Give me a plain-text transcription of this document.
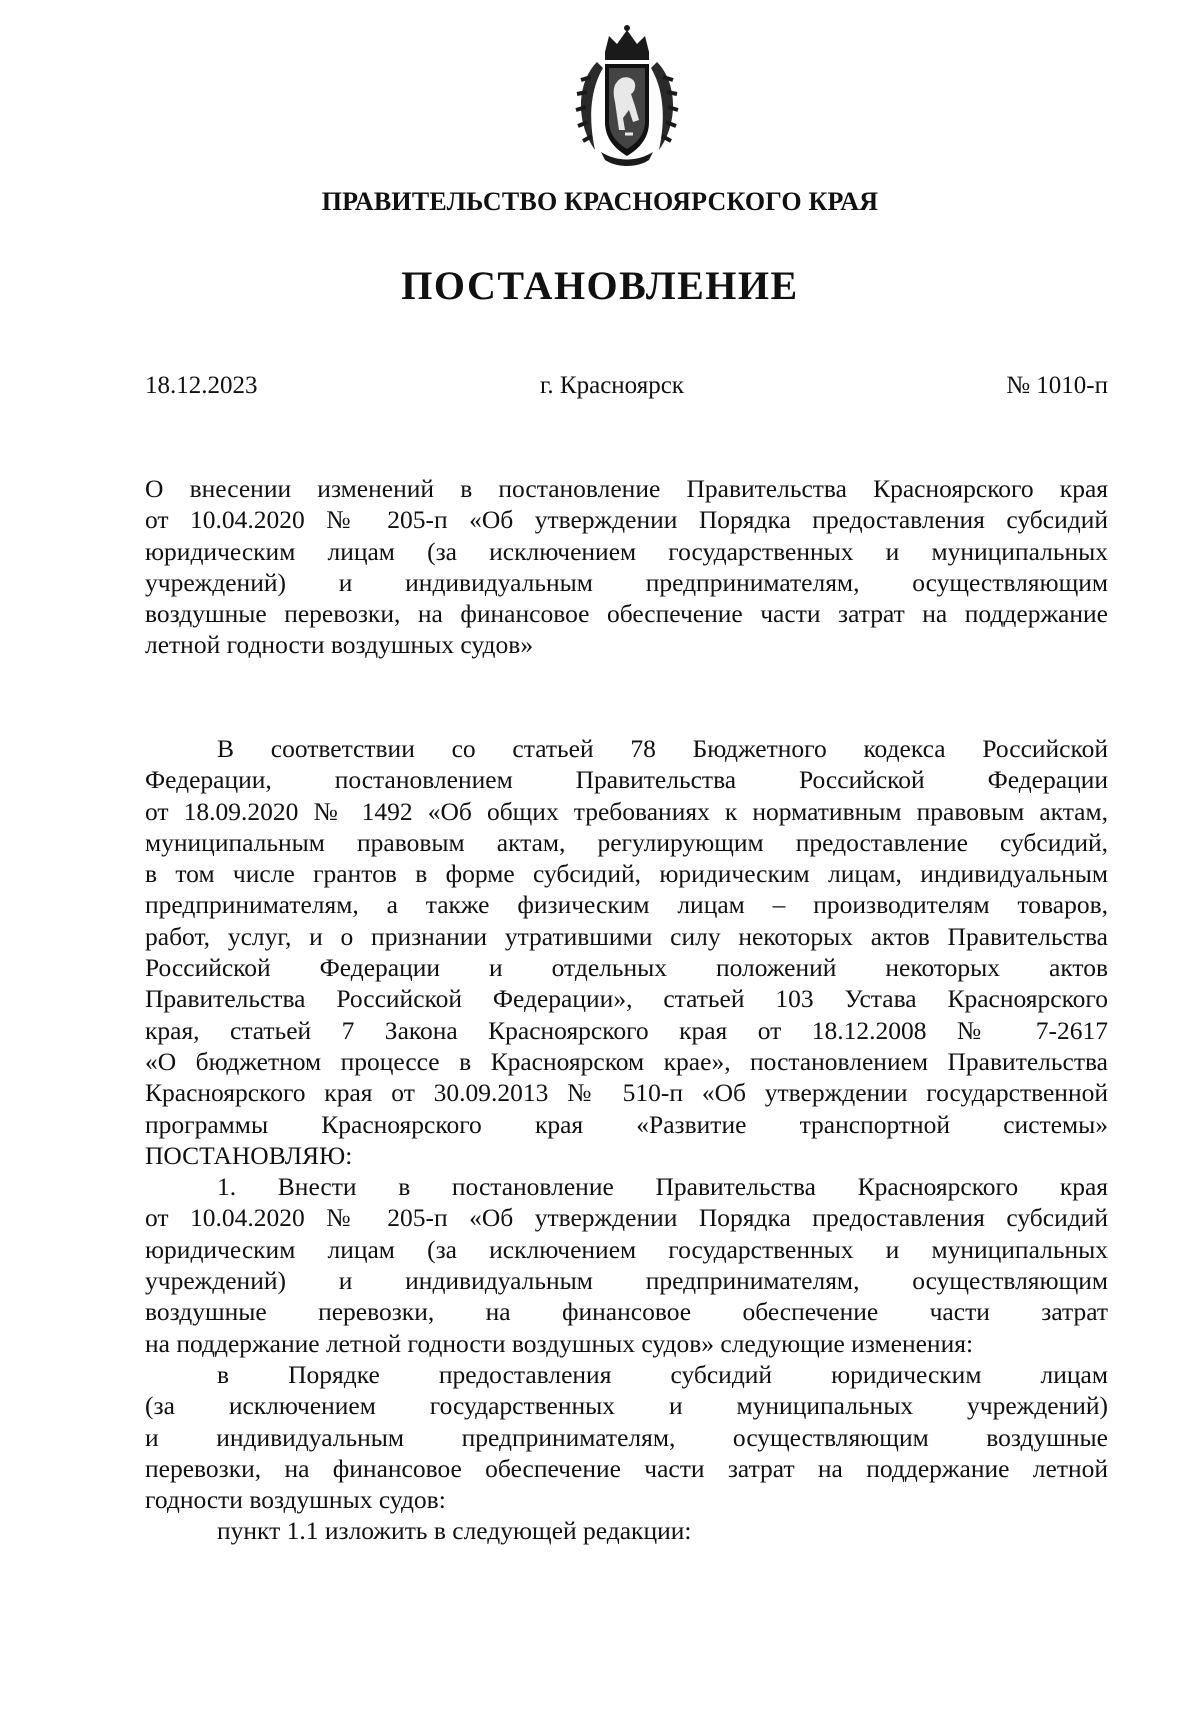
ПРАВИТЕЛЬСТВО КРАСНОЯРСКОГО КРАЯ
ПОСТАНОВЛЕНИЕ
18.12.2023	г. Красноярск	№ 1010-п
О внесении изменений в постановление Правительства Красноярского края
от 10.04.2020 № 205-п «Об утверждении Порядка предоставления субсидий
юридическим лицам (за исключением государственных и муниципальных
учреждений) и индивидуальным предпринимателям, осуществляющим
воздушные перевозки, на финансовое обеспечение части затрат на поддержание
летной годности воздушных судов»
В соответствии со статьей 78 Бюджетного кодекса Российской
Федерации, постановлением Правительства Российской Федерации
от 18.09.2020 № 1492 «Об общих требованиях к нормативным правовым актам,
муниципальным правовым актам, регулирующим предоставление субсидий,
в том числе грантов в форме субсидий, юридическим лицам, индивидуальным
предпринимателям, а также физическим лицам – производителям товаров,
работ, услуг, и о признании утратившими силу некоторых актов Правительства
Российской Федерации и отдельных положений некоторых актов
Правительства Российской Федерации», статьей 103 Устава Красноярского
края, статьей 7 Закона Красноярского края от 18.12.2008 № 7-2617
«О бюджетном процессе в Красноярском крае», постановлением Правительства
Красноярского края от 30.09.2013 № 510-п «Об утверждении государственной
программы Красноярского края «Развитие транспортной системы»
ПОСТАНОВЛЯЮ:
1. Внести в постановление Правительства Красноярского края
от 10.04.2020 № 205-п «Об утверждении Порядка предоставления субсидий
юридическим лицам (за исключением государственных и муниципальных
учреждений) и индивидуальным предпринимателям, осуществляющим
воздушные перевозки, на финансовое обеспечение части затрат
на поддержание летной годности воздушных судов» следующие изменения:
в Порядке предоставления субсидий юридическим лицам
(за исключением государственных и муниципальных учреждений)
и индивидуальным предпринимателям, осуществляющим воздушные
перевозки, на финансовое обеспечение части затрат на поддержание летной
годности воздушных судов:
пункт 1.1 изложить в следующей редакции:
